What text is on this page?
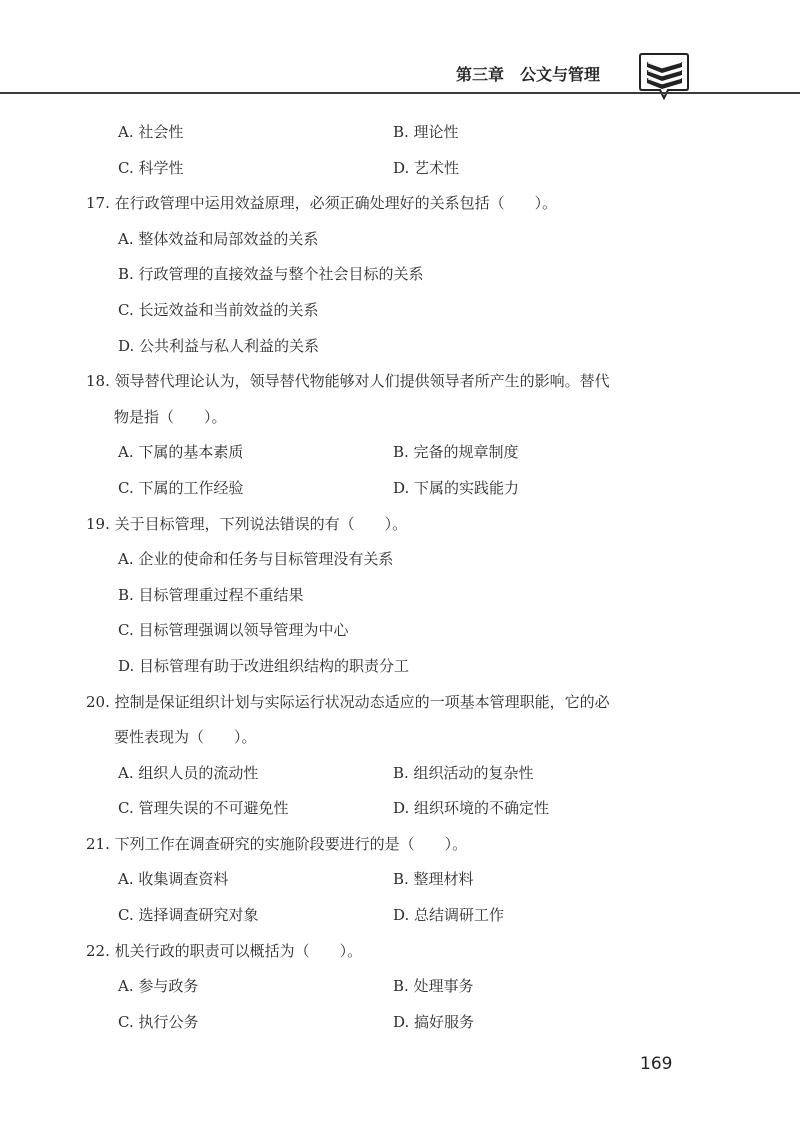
第三章　公文与管理
A. 社会性	B. 理论性
C. 科学性	D. 艺术性
17. 在行政管理中运用效益原理，必须正确处理好的关系包括（　　）。
A. 整体效益和局部效益的关系
B. 行政管理的直接效益与整个社会目标的关系
C. 长远效益和当前效益的关系
D. 公共利益与私人利益的关系
18. 领导替代理论认为，领导替代物能够对人们提供领导者所产生的影响。替代
物是指（　　）。
A. 下属的基本素质	B. 完备的规章制度
C. 下属的工作经验	D. 下属的实践能力
19. 关于目标管理，下列说法错误的有（　　）。
A. 企业的使命和任务与目标管理没有关系
B. 目标管理重过程不重结果
C. 目标管理强调以领导管理为中心
D. 目标管理有助于改进组织结构的职责分工
20. 控制是保证组织计划与实际运行状况动态适应的一项基本管理职能，它的必
要性表现为（　　）。
A. 组织人员的流动性	B. 组织活动的复杂性
C. 管理失误的不可避免性	D. 组织环境的不确定性
21. 下列工作在调查研究的实施阶段要进行的是（　　）。
A. 收集调查资料	B. 整理材料
C. 选择调查研究对象	D. 总结调研工作
22. 机关行政的职责可以概括为（　　）。
A. 参与政务	B. 处理事务
C. 执行公务	D. 搞好服务
169
